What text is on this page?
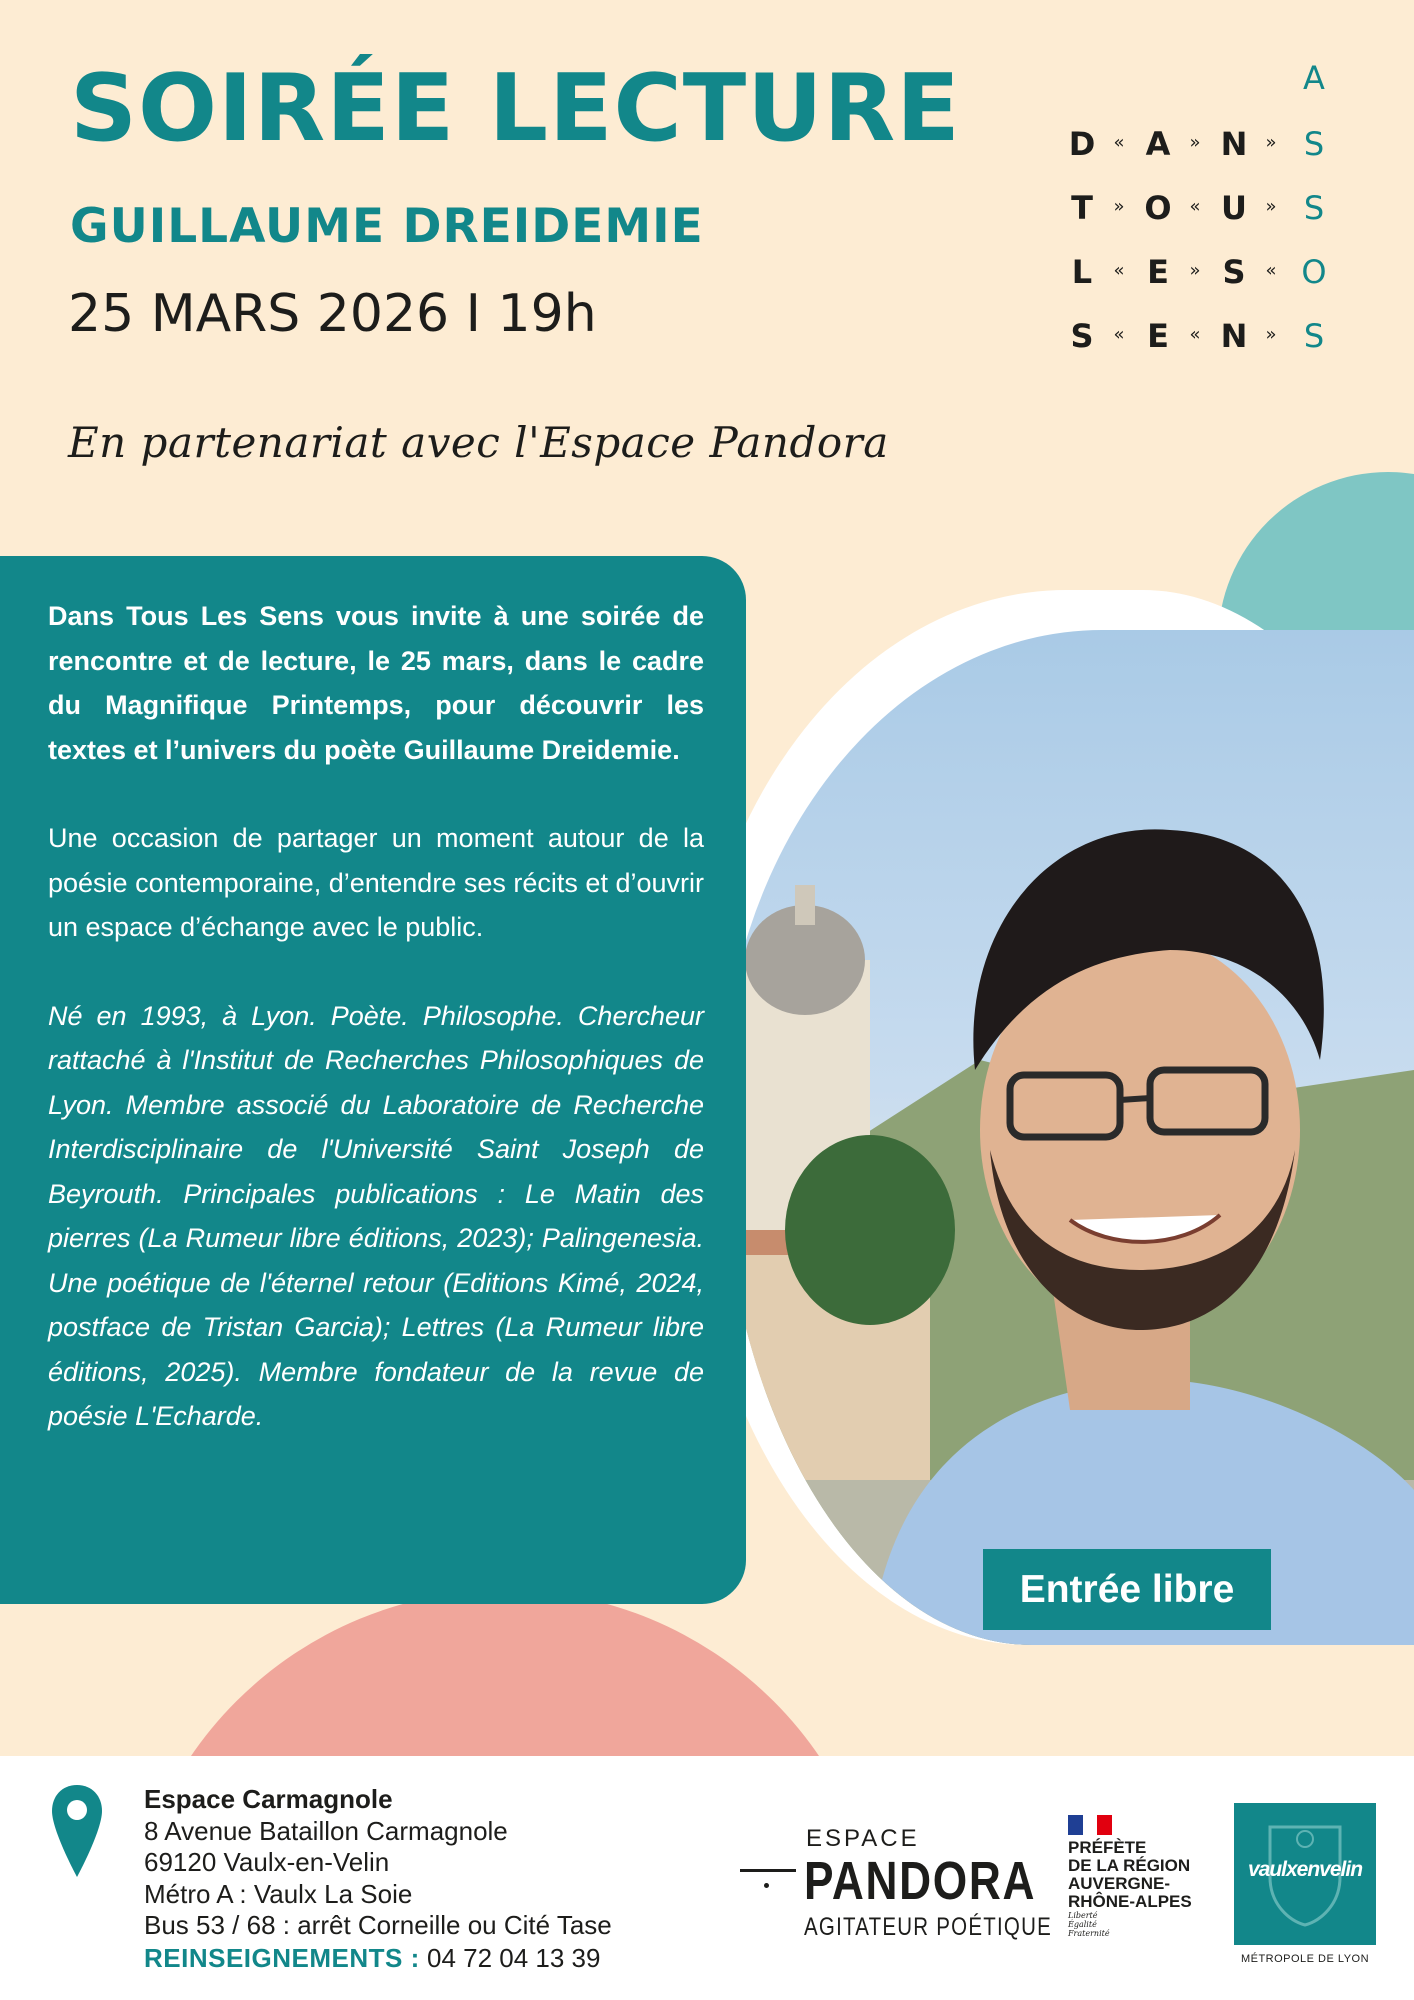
SOIRÉE LECTURE
GUILLAUME DREIDEMIE
25 MARS 2026 I 19h
En partenariat avec l'Espace Pandora
D	« A	» N	»
T	» O « U	»
L	« E	» S	«
S	« E	« N	»
A
S
S
O
S

Dans Tous Les Sens vous invite à une soirée de rencontre et de lecture, le 25 mars, dans le cadre du Magnifique Printemps, pour découvrir les textes et l’univers du poète Guillaume Dreidemie.

Une occasion de partager un moment autour de la poésie contemporaine, d’entendre ses récits et d’ouvrir un espace d’échange avec le public.

Né en 1993, à Lyon. Poète. Philosophe. Chercheur rattaché à l'Institut de Recherches Philosophiques de Lyon. Membre associé du Laboratoire de Recherche Interdisciplinaire de l'Université Saint Joseph de Beyrouth. Principales publications : Le Matin des pierres (La Rumeur libre éditions, 2023); Palingenesia. Une poétique de l'éternel retour (Editions Kimé, 2024, postface de Tristan Garcia); Lettres (La Rumeur libre éditions, 2025). Membre fondateur de la revue de poésie L'Echarde.

Entrée libre
Espace Carmagnole
8 Avenue Bataillon Carmagnole
69120 Vaulx-en-Velin
Métro A : Vaulx La Soie
Bus 53 / 68 : arrêt Corneille ou Cité Tase
REINSEIGNEMENTS : 04 72 04 13 39
ESPACE
PANDORA
AGITATEUR POÉTIQUE
PRÉFÈTE
DE LA RÉGION
AUVERGNE-
RHÔNE-ALPES
Liberté
Égalité
Fraternité
vaulxenvelin
MÉTROPOLE DE LYON
